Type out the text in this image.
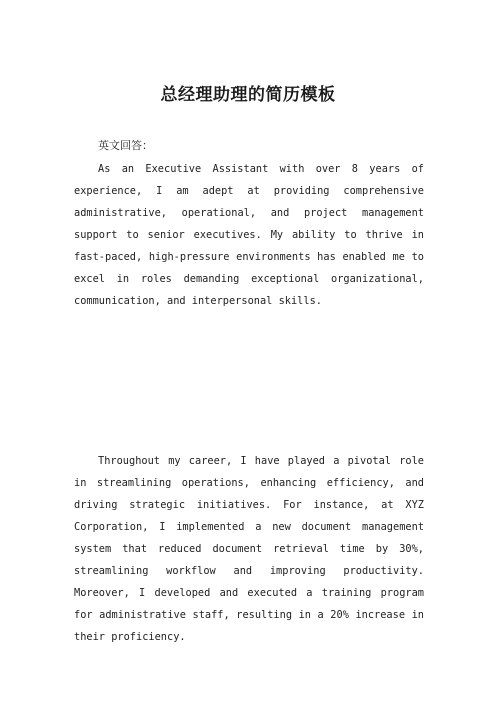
总经理助理的简历模板
英文回答：

As an Executive Assistant with over 8 years of experience, I am adept at providing comprehensive administrative, operational, and project management support to senior executives. My ability to thrive in fast-paced, high-pressure environments has enabled me to excel in roles demanding exceptional organizational, communication, and interpersonal skills.

Throughout my career, I have played a pivotal role in streamlining operations, enhancing efficiency, and driving strategic initiatives. For instance, at XYZ Corporation, I implemented a new document management system that reduced document retrieval time by 30%, streamlining workflow and improving productivity. Moreover, I developed and executed a training program for administrative staff, resulting in a 20% increase in their proficiency.
